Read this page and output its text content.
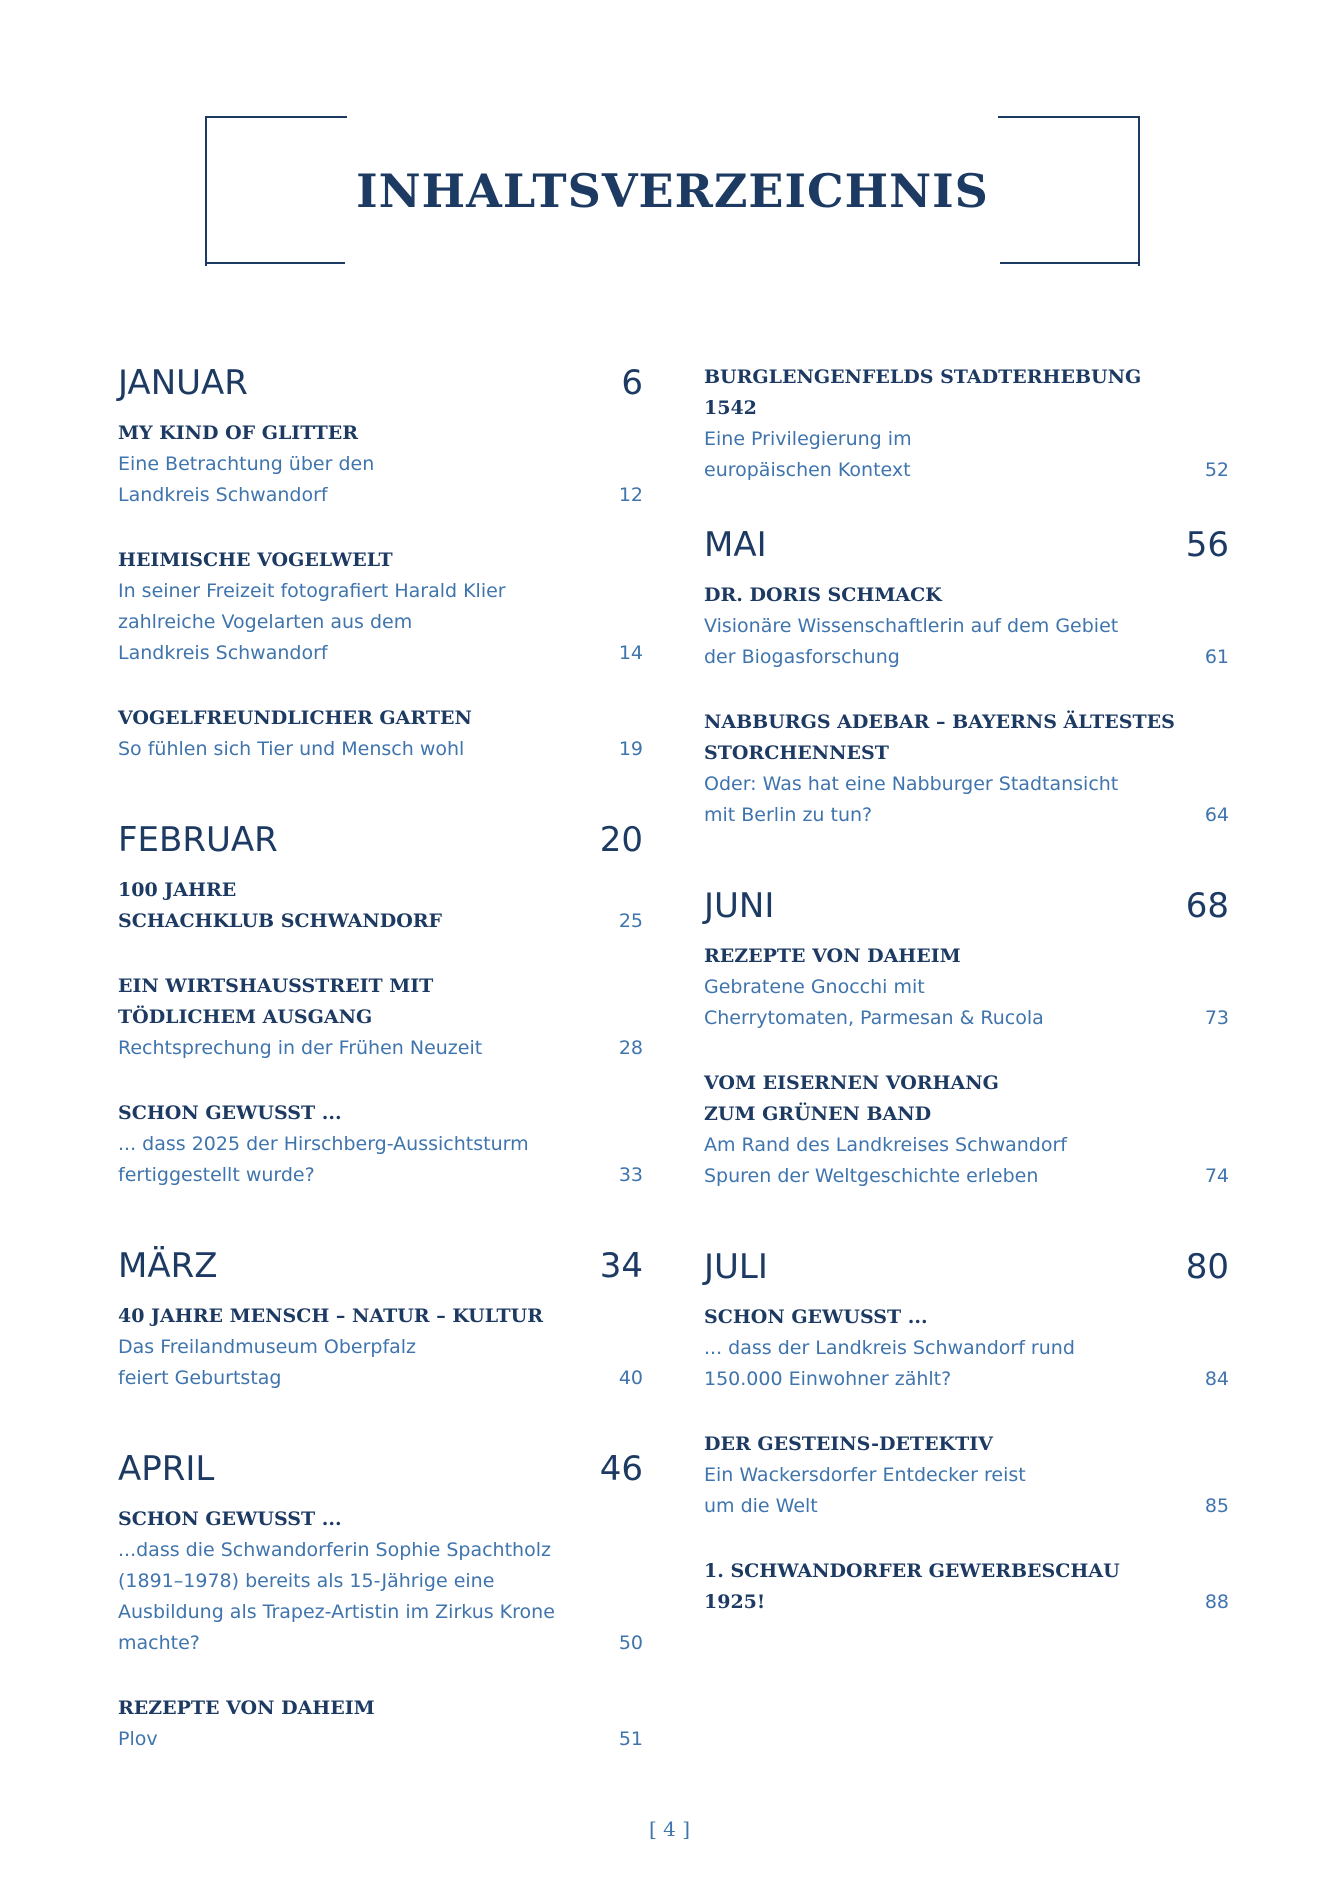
INHALTSVERZEICHNIS
JANUAR	6
MY KIND OF GLITTER
Eine Betrachtung über den
Landkreis Schwandorf	12
HEIMISCHE VOGELWELT
In seiner Freizeit fotografiert Harald Klier
zahlreiche Vogelarten aus dem
Landkreis Schwandorf	14
VOGELFREUNDLICHER GARTEN
So fühlen sich Tier und Mensch wohl	19
FEBRUAR	20
100 JAHRE
SCHACHKLUB SCHWANDORF	25
EIN WIRTSHAUSSTREIT MIT
TÖDLICHEM AUSGANG
Rechtsprechung in der Frühen Neuzeit	28
SCHON GEWUSST ...
... dass 2025 der Hirschberg-Aussichtsturm
fertiggestellt wurde?	33
MÄRZ	34
40 JAHRE MENSCH – NATUR – KULTUR
Das Freilandmuseum Oberpfalz
feiert Geburtstag	40
APRIL	46
SCHON GEWUSST ...
...dass die Schwandorferin Sophie Spachtholz
(1891–1978) bereits als 15-Jährige eine
Ausbildung als Trapez-Artistin im Zirkus Krone
machte?	50
REZEPTE VON DAHEIM
Plov	51
BURGLENGENFELDS STADTERHEBUNG 1542
Eine Privilegierung im
europäischen Kontext	52
MAI	56
DR. DORIS SCHMACK
Visionäre Wissenschaftlerin auf dem Gebiet
der Biogasforschung	61
NABBURGS ADEBAR – BAYERNS ÄLTESTES
STORCHENNEST
Oder: Was hat eine Nabburger Stadtansicht
mit Berlin zu tun?	64
JUNI	68
REZEPTE VON DAHEIM
Gebratene Gnocchi mit
Cherrytomaten, Parmesan & Rucola	73
VOM EISERNEN VORHANG
ZUM GRÜNEN BAND
Am Rand des Landkreises Schwandorf
Spuren der Weltgeschichte erleben	74
JULI	80
SCHON GEWUSST ...
... dass der Landkreis Schwandorf rund
150.000 Einwohner zählt?	84
DER GESTEINS-DETEKTIV
Ein Wackersdorfer Entdecker reist
um die Welt	85
1. SCHWANDORFER GEWERBESCHAU
1925!	88
[ 4 ]
